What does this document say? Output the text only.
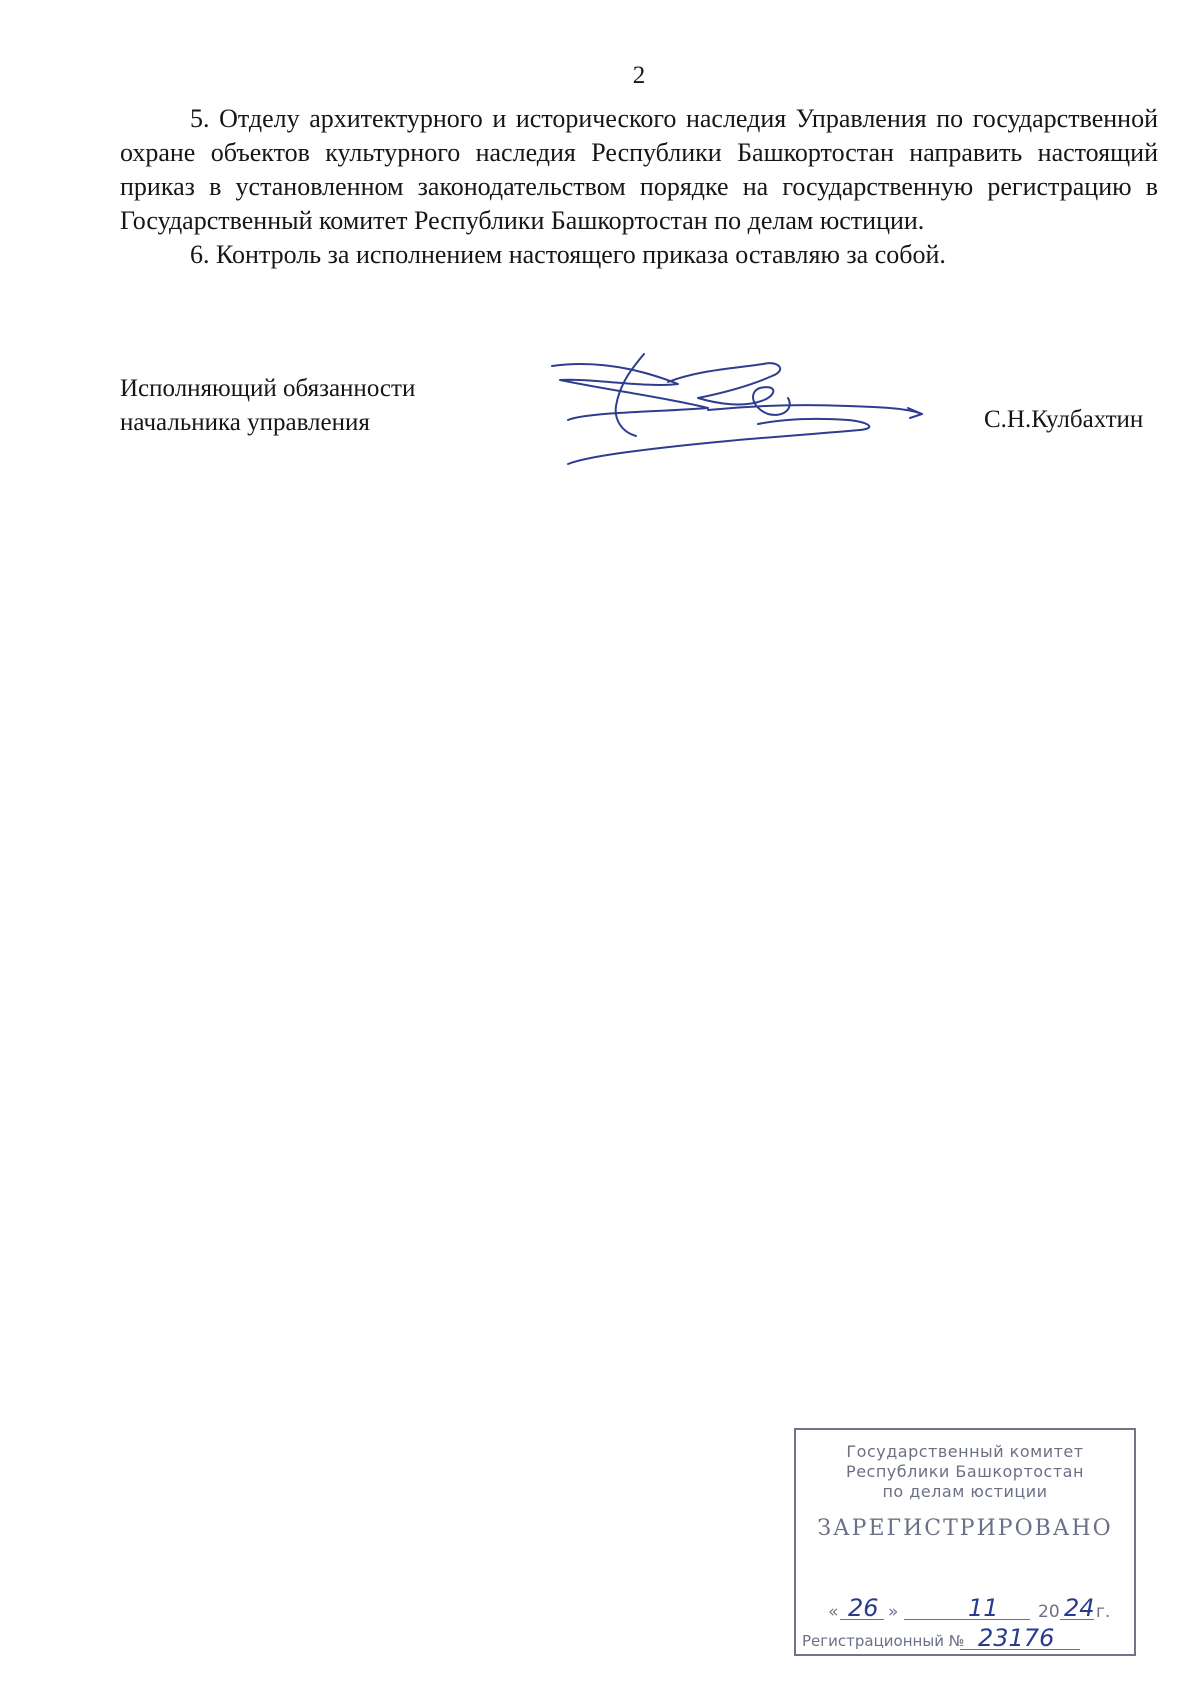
2

5. Отделу архитектурного и исторического наследия Управления по государственной охране объектов культурного наследия Республики Башкортостан направить настоящий приказ в установленном законодательством порядке на государственную регистрацию в Государственный комитет Республики Башкортостан по делам юстиции.

6. Контроль за исполнением настоящего приказа оставляю за собой.

Исполняющий обязанности
начальника управления	С.Н.Кулбахтин
Государственный комитет
Республики Башкортостан
по делам юстиции
ЗАРЕГИСТРИРОВАНО
« 26 »	11 20 24 г.
Регистрационный № 23176
